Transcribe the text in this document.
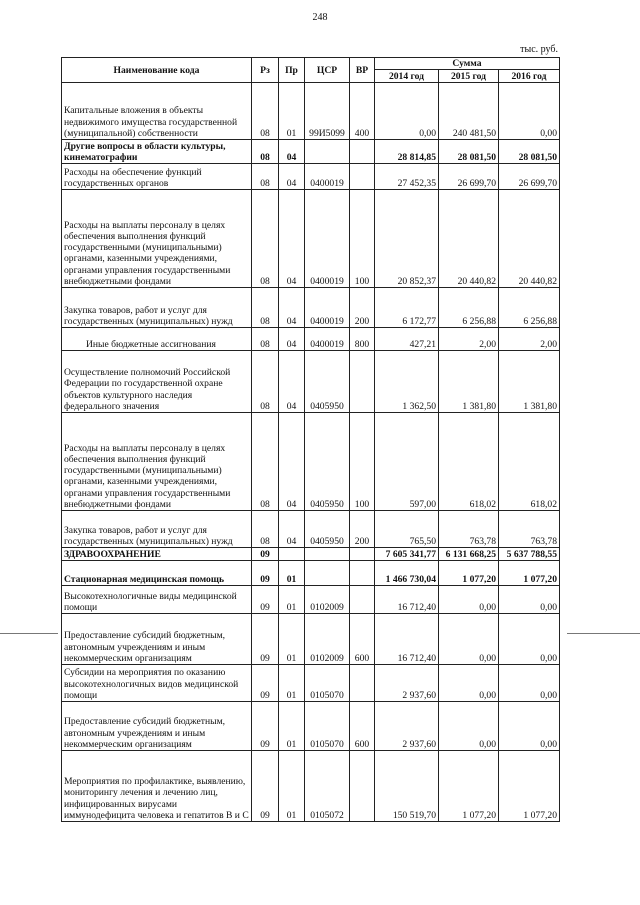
248
тыс. руб.
Наименование кода	Рз	Пр	ЦСР	ВР	Сумма		
					2014 год	2015 год	2016 год
Капитальные вложения в объекты недвижимого имущества государственной (муниципальной) собственности	08	01	99И5099	400	0,00	240 481,50	0,00
Другие вопросы в области культуры, кинематографии	08	04			28 814,85	28 081,50	28 081,50
Расходы на обеспечение функций государственных органов	08	04	0400019		27 452,35	26 699,70	26 699,70
Расходы на выплаты персоналу в целях обеспечения выполнения функций государственными (муниципальными) органами, казенными учреждениями, органами управления государственными внебюджетными фондами	08	04	0400019	100	20 852,37	20 440,82	20 440,82
Закупка товаров, работ и услуг для государственных (муниципальных) нужд	08	04	0400019	200	6 172,77	6 256,88	6 256,88
Иные бюджетные ассигнования	08	04	0400019	800	427,21	2,00	2,00
Осуществление полномочий Российской Федерации по государственной охране объектов культурного наследия федерального значения	08	04	0405950		1 362,50	1 381,80	1 381,80
Расходы на выплаты персоналу в целях обеспечения выполнения функций государственными (муниципальными) органами, казенными учреждениями, органами управления государственными внебюджетными фондами	08	04	0405950	100	597,00	618,02	618,02
Закупка товаров, работ и услуг для государственных (муниципальных) нужд	08	04	0405950	200	765,50	763,78	763,78
ЗДРАВООХРАНЕНИЕ	09				7 605 341,77	6 131 668,25	5 637 788,55
Стационарная медицинская помощь	09	01			1 466 730,04	1 077,20	1 077,20
Высокотехнологичные виды медицинской помощи	09	01	0102009		16 712,40	0,00	0,00
Предоставление субсидий бюджетным, автономным учреждениям и иным некоммерческим организациям	09	01	0102009	600	16 712,40	0,00	0,00
Субсидии на мероприятия по оказанию высокотехнологичных видов медицинской помощи	09	01	0105070		2 937,60	0,00	0,00
Предоставление субсидий бюджетным, автономным учреждениям и иным некоммерческим организациям	09	01	0105070	600	2 937,60	0,00	0,00
Мероприятия по профилактике, выявлению, мониторингу лечения и лечению лиц, инфицированных вирусами иммунодефицита человека и гепатитов В и С	09	01	0105072		150 519,70	1 077,20	1 077,20
